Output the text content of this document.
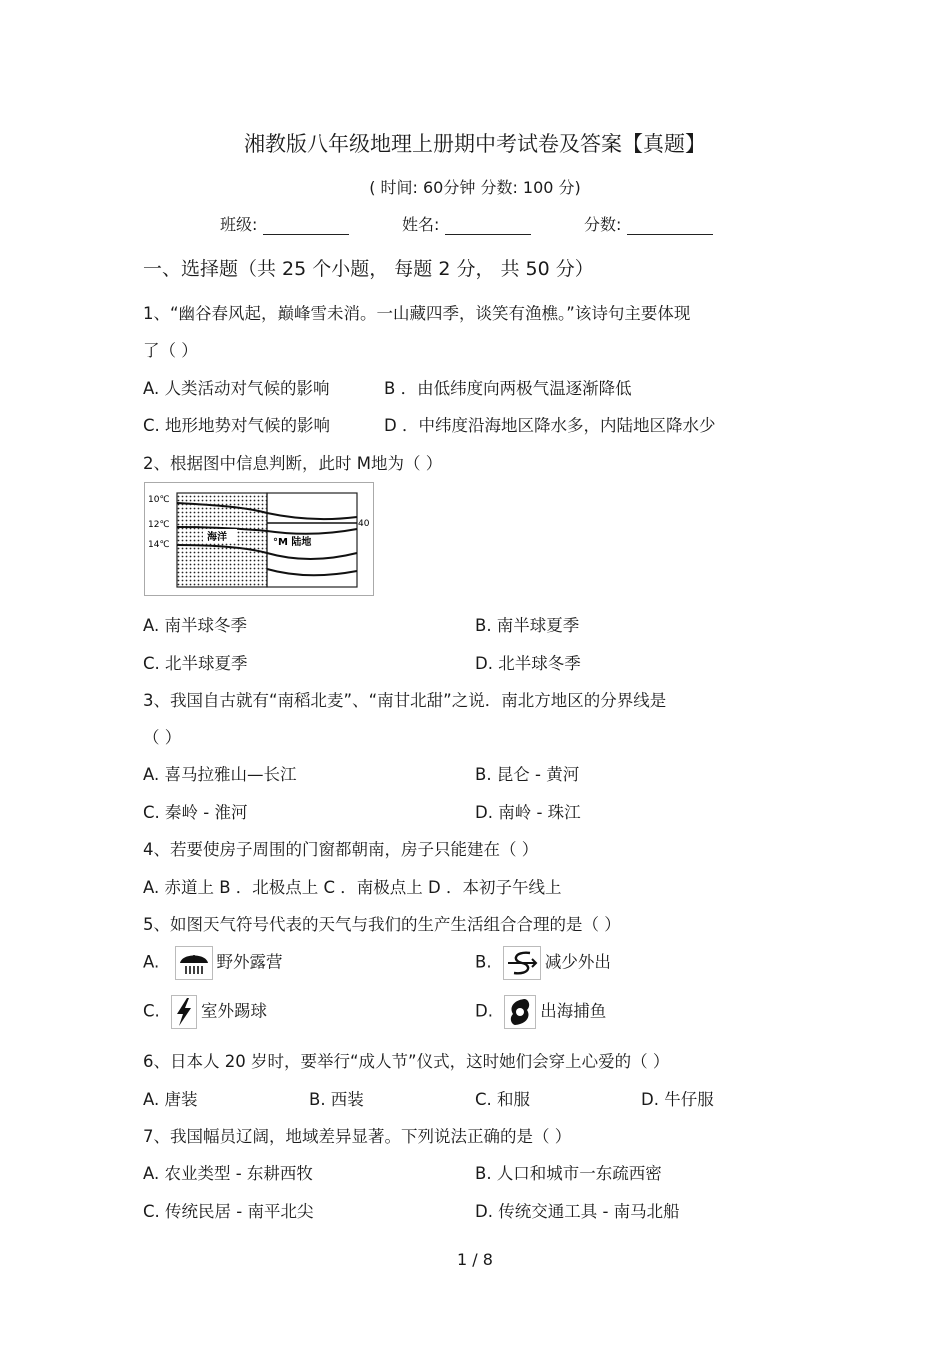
湘教版八年级地理上册期中考试卷及答案【真题】
( 时间: 60分钟 分数: 100 分)
班级:	姓名:	分数:
一、选择题（共 25 个小题， 每题 2 分， 共 50 分）
1、“幽谷春风起，巅峰雪未消。一山藏四季，谈笑有渔樵。”该诗句主要体现
了（ ）
A. 人类活动对气候的影响	B ．由低纬度向两极气温逐渐降低
C. 地形地势对气候的影响	D ．中纬度沿海地区降水多，内陆地区降水少
2、根据图中信息判断，此时 M地为（ ）
10℃
12℃
14℃
海洋	°M 陆地
40
A. 南半球冬季	B. 南半球夏季
C. 北半球夏季	D. 北半球冬季
3、我国自古就有“南稻北麦”、“南甘北甜”之说．南北方地区的分界线是
（ ）
A. 喜马拉雅山—长江	B. 昆仑 - 黄河
C. 秦岭 - 淮河	D. 南岭 - 珠江
4、若要使房子周围的门窗都朝南，房子只能建在（ ）
A. 赤道上 B ．北极点上 C ．南极点上 D ．本初子午线上
5、如图天气符号代表的天气与我们的生产生活组合合理的是（ ）
A.	野外露营	B.	减少外出
C.	室外踢球	D.	出海捕鱼
6、日本人 20 岁时，要举行“成人节”仪式，这时她们会穿上心爱的（ ）
A. 唐装	B. 西装	C. 和服	D. 牛仔服
7、我国幅员辽阔，地域差异显著。下列说法正确的是（ ）
A. 农业类型 - 东耕西牧	B. 人口和城市一东疏西密
C. 传统民居 - 南平北尖	D. 传统交通工具 - 南马北船
1 / 8
